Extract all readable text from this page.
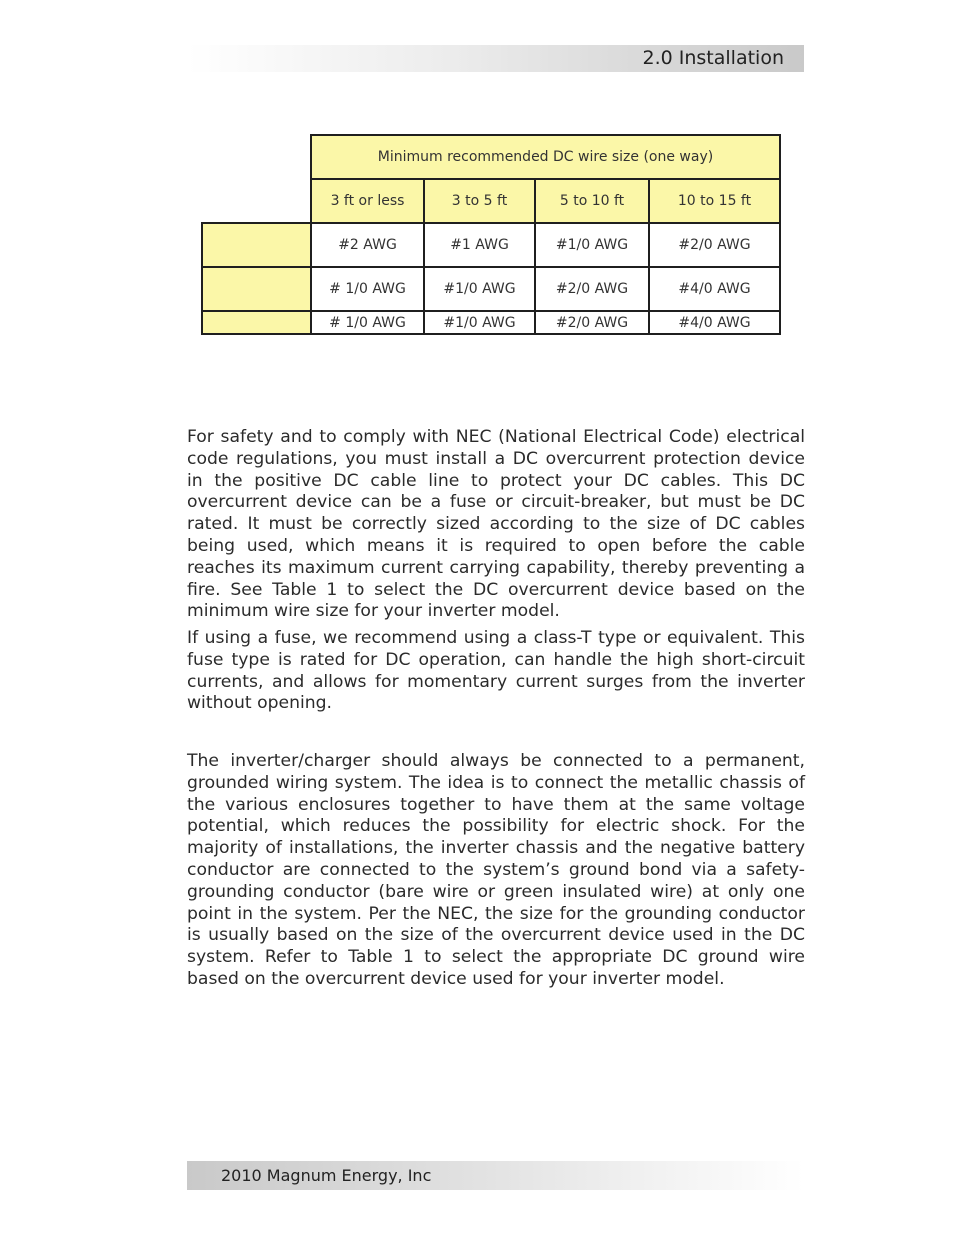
2.0 Installation
	Minimum recommended DC wire size (one way)			
	3 ft or less	3 to 5 ft	5 to 10 ft	10 to 15 ft
	#2 AWG	#1 AWG	#1/0 AWG	#2/0 AWG
	# 1/0 AWG	#1/0 AWG	#2/0 AWG	#4/0 AWG
	# 1/0 AWG	#1/0 AWG	#2/0 AWG	#4/0 AWG

For safety and to comply with NEC (National Electrical Code) electrical code regulations, you must install a DC overcurrent protection device in the positive DC cable line to protect your DC cables. This DC overcurrent device can be a fuse or circuit-breaker, but must be DC rated. It must be correctly sized according to the size of DC cables being used, which means it is required to open before the cable reaches its maximum current carrying capability, thereby preventing a fire. See Table 1 to select the DC overcurrent device based on the minimum wire size for your inverter model.

If using a fuse, we recommend using a class-T type or equivalent. This fuse type is rated for DC operation, can handle the high short-circuit currents, and allows for momentary current surges from the inverter without opening.

The inverter/charger should always be connected to a permanent, grounded wiring system. The idea is to connect the metallic chassis of the various enclosures together to have them at the same voltage potential, which reduces the possibility for electric shock. For the majority of installations, the inverter chassis and the negative battery conductor are connected to the system’s ground bond via a safety-grounding conductor (bare wire or green insulated wire) at only one point in the system. Per the NEC, the size for the grounding conductor is usually based on the size of the overcurrent device used in the DC system. Refer to Table 1 to select the appropriate DC ground wire based on the overcurrent device used for your inverter model.

2010 Magnum Energy, Inc
